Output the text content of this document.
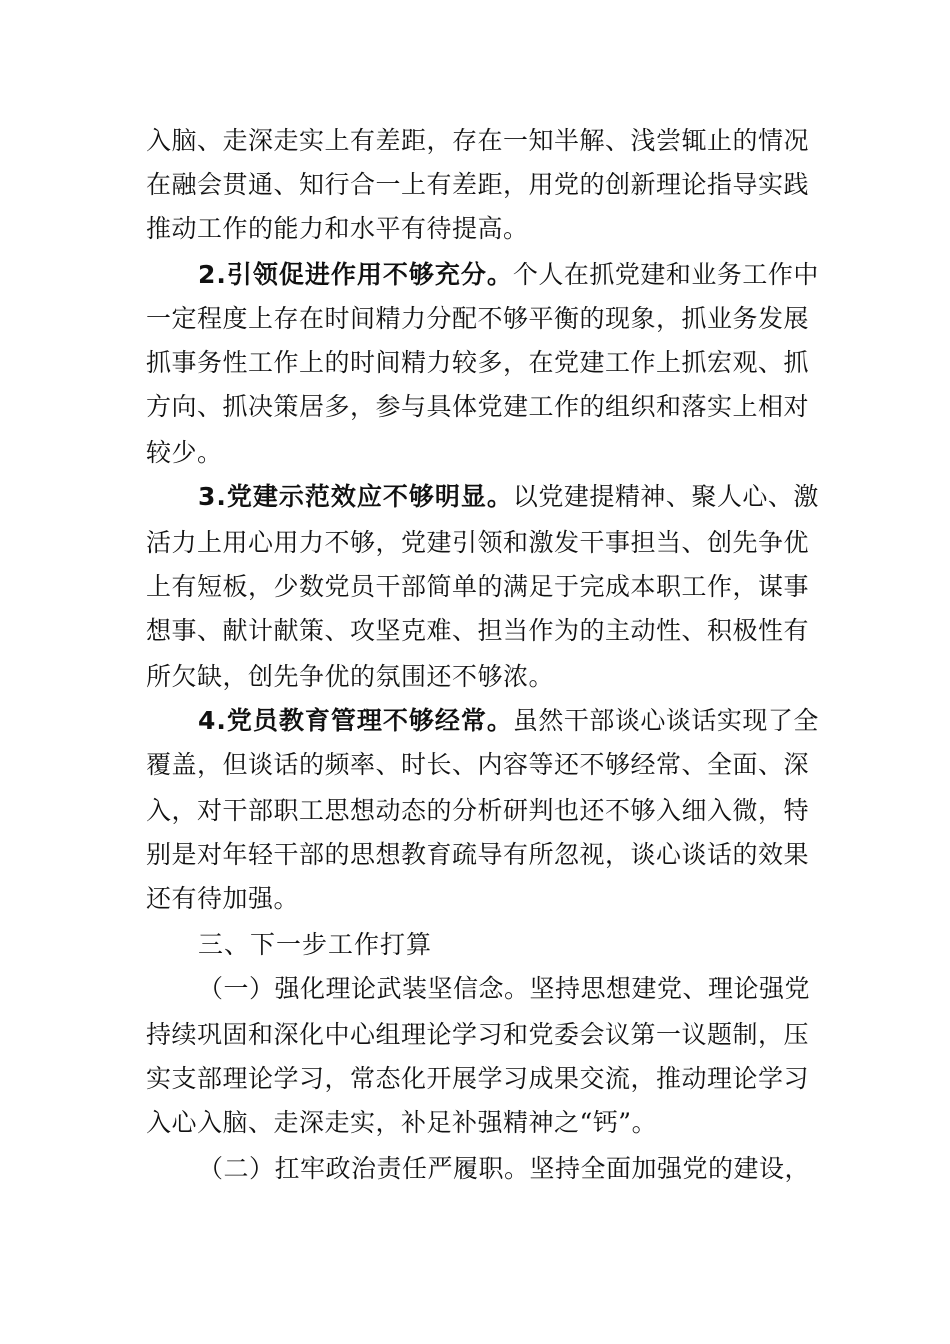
入脑、走深走实上有差距，存在一知半解、浅尝辄止的情况
在融会贯通、知行合一上有差距，用党的创新理论指导实践
推动工作的能力和水平有待提高。
2.引领促进作用不够充分。个人在抓党建和业务工作中
一定程度上存在时间精力分配不够平衡的现象，抓业务发展
抓事务性工作上的时间精力较多，在党建工作上抓宏观、抓
方向、抓决策居多，参与具体党建工作的组织和落实上相对
较少。
3.党建示范效应不够明显。以党建提精神、聚人心、激
活力上用心用力不够，党建引领和激发干事担当、创先争优
上有短板，少数党员干部简单的满足于完成本职工作，谋事
想事、献计献策、攻坚克难、担当作为的主动性、积极性有
所欠缺，创先争优的氛围还不够浓。
4.党员教育管理不够经常。虽然干部谈心谈话实现了全
覆盖，但谈话的频率、时长、内容等还不够经常、全面、深
入，对干部职工思想动态的分析研判也还不够入细入微，特
别是对年轻干部的思想教育疏导有所忽视，谈心谈话的效果
还有待加强。
三、下一步工作打算
（一）强化理论武装坚信念。坚持思想建党、理论强党
持续巩固和深化中心组理论学习和党委会议第一议题制，压
实支部理论学习，常态化开展学习成果交流，推动理论学习
入心入脑、走深走实，补足补强精神之“钙”。
（二）扛牢政治责任严履职。坚持全面加强党的建设，
